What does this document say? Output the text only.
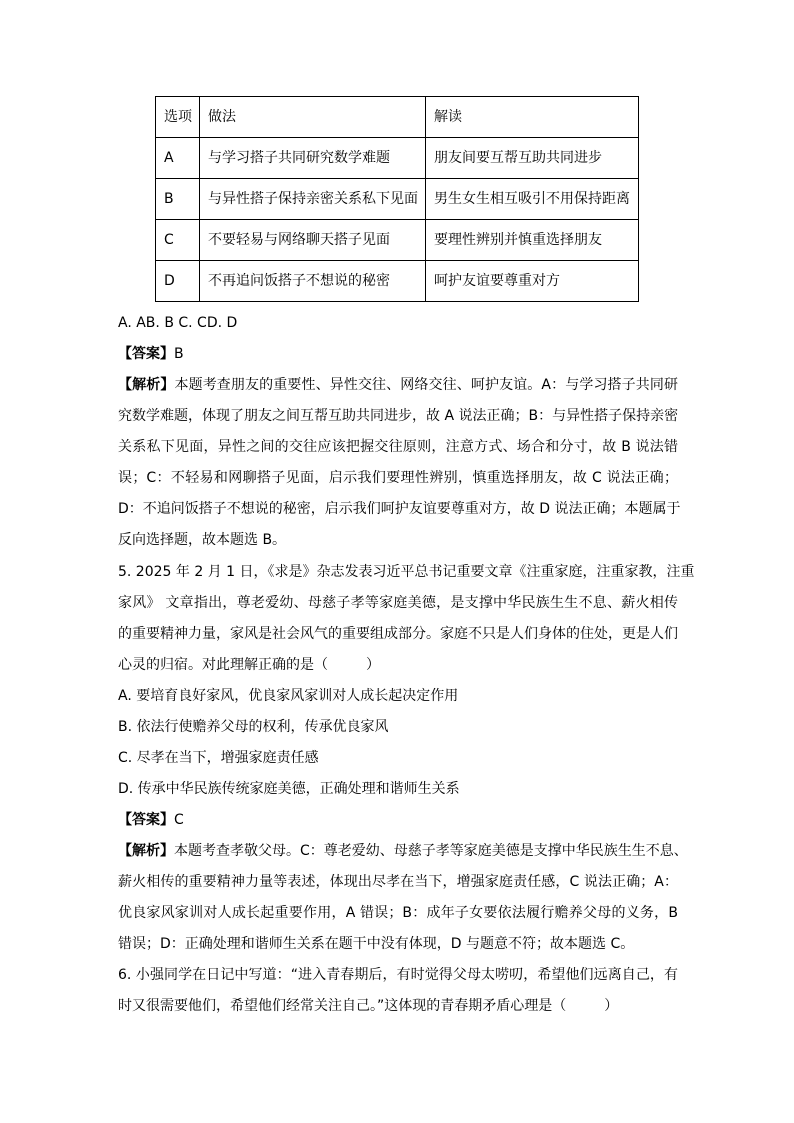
选项	做法	解读
A	与学习搭子共同研究数学难题	朋友间要互帮互助共同进步
B	与异性搭子保持亲密关系私下见面	男生女生相互吸引不用保持距离
C	不要轻易与网络聊天搭子见面	要理性辨别并慎重选择朋友
D	不再追问饭搭子不想说的秘密	呵护友谊要尊重对方
A. AB. B C. CD. D
【答案】B
【解析】本题考查朋友的重要性、异性交往、网络交往、呵护友谊。A：与学习搭子共同研
究数学难题，体现了朋友之间互帮互助共同进步，故 A 说法正确；B：与异性搭子保持亲密
关系私下见面，异性之间的交往应该把握交往原则，注意方式、场合和分寸，故 B 说法错
误；C：不轻易和网聊搭子见面，启示我们要理性辨别，慎重选择朋友，故 C 说法正确；
D：不追问饭搭子不想说的秘密，启示我们呵护友谊要尊重对方，故 D 说法正确；本题属于
反向选择题，故本题选 B。
5. 2025 年 2 月 1 日，《求是》杂志发表习近平总书记重要文章《注重家庭，注重家教，注重
家风》 文章指出，尊老爱幼、母慈子孝等家庭美德，是支撑中华民族生生不息、薪火相传
的重要精神力量，家风是社会风气的重要组成部分。家庭不只是人们身体的住处，更是人们
心灵的归宿。对此理解正确的是（	）
A. 要培育良好家风，优良家风家训对人成长起决定作用
B. 依法行使赡养父母的权利，传承优良家风
C. 尽孝在当下，增强家庭责任感
D. 传承中华民族传统家庭美德，正确处理和谐师生关系
【答案】C
【解析】本题考查孝敬父母。C：尊老爱幼、母慈子孝等家庭美德是支撑中华民族生生不息、
薪火相传的重要精神力量等表述，体现出尽孝在当下，增强家庭责任感，C 说法正确；A：
优良家风家训对人成长起重要作用，A 错误；B：成年子女要依法履行赡养父母的义务，B
错误；D：正确处理和谐师生关系在题干中没有体现，D 与题意不符；故本题选 C。
6. 小强同学在日记中写道：“进入青春期后，有时觉得父母太唠叨，希望他们远离自己，有
时又很需要他们，希望他们经常关注自己。”这体现的青春期矛盾心理是（	）
